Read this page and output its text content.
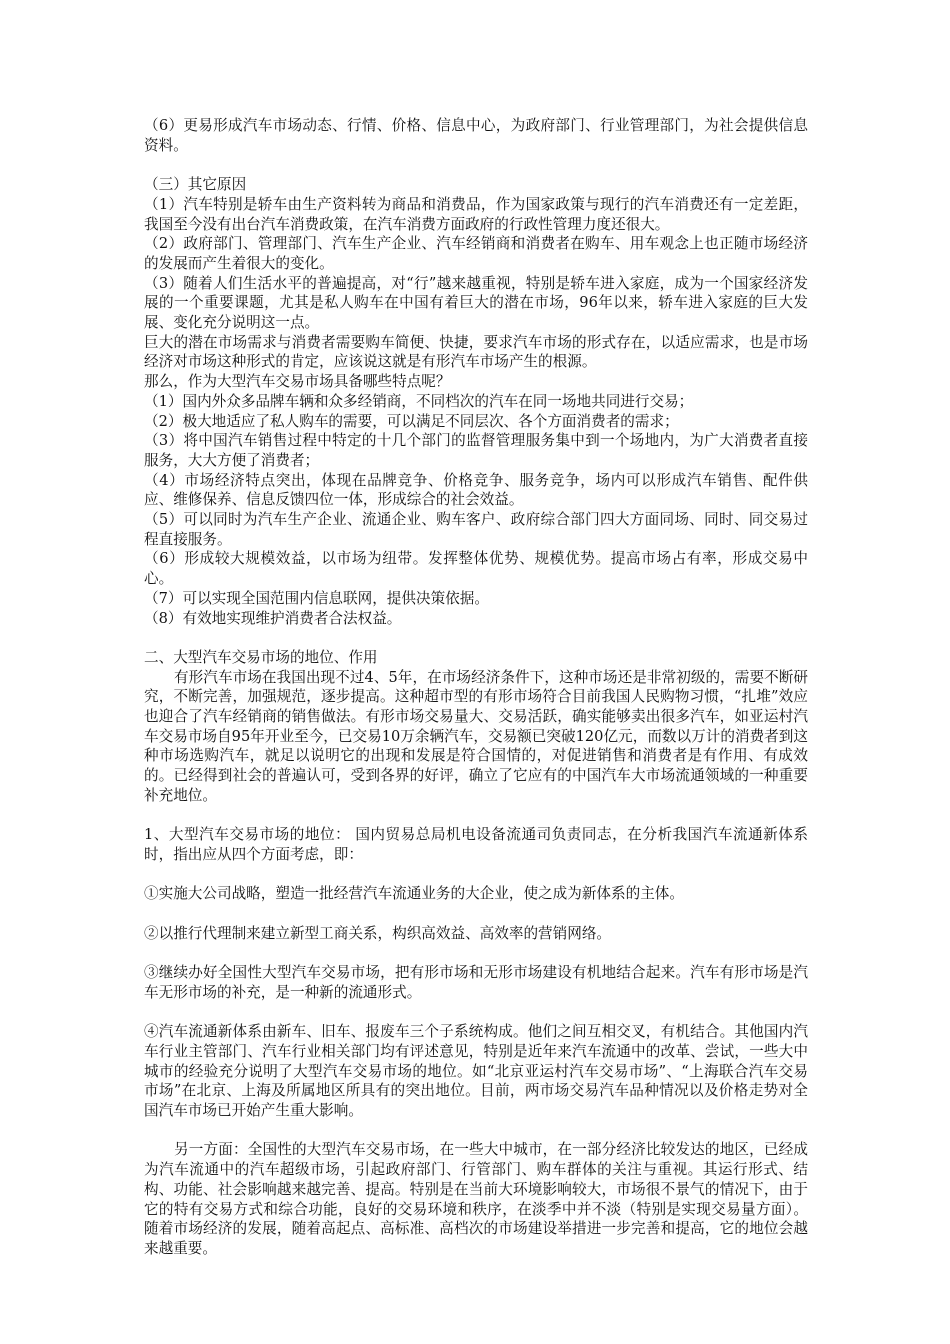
（6）更易形成汽车市场动态、行情、价格、信息中心，为政府部门、行业管理部门，为社会提供信息资料。
（三）其它原因
（1）汽车特别是轿车由生产资料转为商品和消费品，作为国家政策与现行的汽车消费还有一定差距，我国至今没有出台汽车消费政策，在汽车消费方面政府的行政性管理力度还很大。
（2）政府部门、管理部门、汽车生产企业、汽车经销商和消费者在购车、用车观念上也正随市场经济的发展而产生着很大的变化。
（3）随着人们生活水平的普遍提高，对“行”越来越重视，特别是轿车进入家庭，成为一个国家经济发展的一个重要课题，尤其是私人购车在中国有着巨大的潜在市场，96年以来，轿车进入家庭的巨大发展、变化充分说明这一点。
巨大的潜在市场需求与消费者需要购车简便、快捷，要求汽车市场的形式存在，以适应需求，也是市场经济对市场这种形式的肯定，应该说这就是有形汽车市场产生的根源。
那么，作为大型汽车交易市场具备哪些特点呢？
（1）国内外众多品牌车辆和众多经销商，不同档次的汽车在同一场地共同进行交易；
（2）极大地适应了私人购车的需要，可以满足不同层次、各个方面消费者的需求；
（3）将中国汽车销售过程中特定的十几个部门的监督管理服务集中到一个场地内，为广大消费者直接服务，大大方便了消费者；
（4）市场经济特点突出，体现在品牌竞争、价格竞争、服务竞争，场内可以形成汽车销售、配件供应、维修保养、信息反馈四位一体，形成综合的社会效益。
（5）可以同时为汽车生产企业、流通企业、购车客户、政府综合部门四大方面同场、同时、同交易过程直接服务。
（6）形成较大规模效益，以市场为纽带。发挥整体优势、规模优势。提高市场占有率，形成交易中心。
（7）可以实现全国范围内信息联网，提供决策依据。
（8）有效地实现维护消费者合法权益。
二、大型汽车交易市场的地位、作用
有形汽车市场在我国出现不过4、5年，在市场经济条件下，这种市场还是非常初级的，需要不断研究，不断完善，加强规范，逐步提高。这种超市型的有形市场符合目前我国人民购物习惯，“扎堆”效应也迎合了汽车经销商的销售做法。有形市场交易量大、交易活跃，确实能够卖出很多汽车，如亚运村汽车交易市场自95年开业至今，已交易10万余辆汽车，交易额已突破120亿元，而数以万计的消费者到这种市场选购汽车，就足以说明它的出现和发展是符合国情的，对促进销售和消费者是有作用、有成效的。已经得到社会的普遍认可，受到各界的好评，确立了它应有的中国汽车大市场流通领域的一种重要补充地位。
1、大型汽车交易市场的地位： 国内贸易总局机电设备流通司负责同志，在分析我国汽车流通新体系时，指出应从四个方面考虑，即：
①实施大公司战略，塑造一批经营汽车流通业务的大企业，使之成为新体系的主体。
②以推行代理制来建立新型工商关系，构织高效益、高效率的营销网络。
③继续办好全国性大型汽车交易市场，把有形市场和无形市场建设有机地结合起来。汽车有形市场是汽车无形市场的补充，是一种新的流通形式。
④汽车流通新体系由新车、旧车、报废车三个子系统构成。他们之间互相交叉，有机结合。其他国内汽车行业主管部门、汽车行业相关部门均有评述意见，特别是近年来汽车流通中的改革、尝试，一些大中城市的经验充分说明了大型汽车交易市场的地位。如“北京亚运村汽车交易市场”、“上海联合汽车交易市场”在北京、上海及所属地区所具有的突出地位。目前，两市场交易汽车品种情况以及价格走势对全国汽车市场已开始产生重大影响。
另一方面：全国性的大型汽车交易市场，在一些大中城市，在一部分经济比较发达的地区，已经成为汽车流通中的汽车超级市场，引起政府部门、行管部门、购车群体的关注与重视。其运行形式、结构、功能、社会影响越来越完善、提高。特别是在当前大环境影响较大，市场很不景气的情况下，由于它的特有交易方式和综合功能，良好的交易环境和秩序，在淡季中并不淡（特别是实现交易量方面）。随着市场经济的发展，随着高起点、高标准、高档次的市场建设举措进一步完善和提高，它的地位会越来越重要。
